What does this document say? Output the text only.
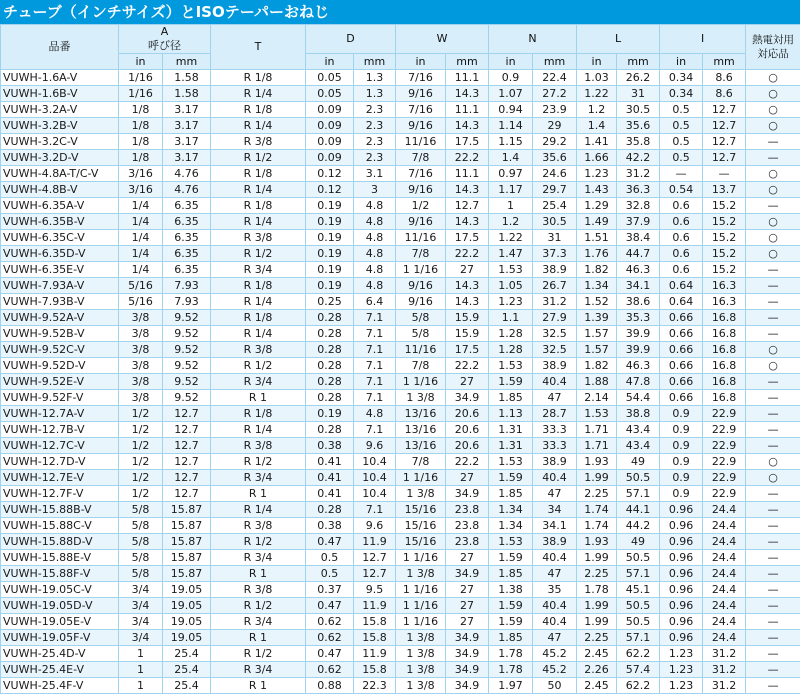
チューブ（インチサイズ）とISOテーパーおねじ
品番	A
呼び径		T	D		W		N		L		I		熱電対用
対応品
	in	mm		in	mm	in	mm	in	mm	in	mm	in	mm	
VUWH-1.6A-V	1/16	1.58	R 1/8	0.05	1.3	7/16	11.1	0.9	22.4	1.03	26.2	0.34	8.6	○
VUWH-1.6B-V	1/16	1.58	R 1/4	0.05	1.3	9/16	14.3	1.07	27.2	1.22	31	0.34	8.6	○
VUWH-3.2A-V	1/8	3.17	R 1/8	0.09	2.3	7/16	11.1	0.94	23.9	1.2	30.5	0.5	12.7	○
VUWH-3.2B-V	1/8	3.17	R 1/4	0.09	2.3	9/16	14.3	1.14	29	1.4	35.6	0.5	12.7	○
VUWH-3.2C-V	1/8	3.17	R 3/8	0.09	2.3	11/16	17.5	1.15	29.2	1.41	35.8	0.5	12.7	—
VUWH-3.2D-V	1/8	3.17	R 1/2	0.09	2.3	7/8	22.2	1.4	35.6	1.66	42.2	0.5	12.7	—
VUWH-4.8A-T/C-V	3/16	4.76	R 1/8	0.12	3.1	7/16	11.1	0.97	24.6	1.23	31.2	—	—	○
VUWH-4.8B-V	3/16	4.76	R 1/4	0.12	3	9/16	14.3	1.17	29.7	1.43	36.3	0.54	13.7	○
VUWH-6.35A-V	1/4	6.35	R 1/8	0.19	4.8	1/2	12.7	1	25.4	1.29	32.8	0.6	15.2	—
VUWH-6.35B-V	1/4	6.35	R 1/4	0.19	4.8	9/16	14.3	1.2	30.5	1.49	37.9	0.6	15.2	○
VUWH-6.35C-V	1/4	6.35	R 3/8	0.19	4.8	11/16	17.5	1.22	31	1.51	38.4	0.6	15.2	○
VUWH-6.35D-V	1/4	6.35	R 1/2	0.19	4.8	7/8	22.2	1.47	37.3	1.76	44.7	0.6	15.2	○
VUWH-6.35E-V	1/4	6.35	R 3/4	0.19	4.8	1 1/16	27	1.53	38.9	1.82	46.3	0.6	15.2	—
VUWH-7.93A-V	5/16	7.93	R 1/8	0.19	4.8	9/16	14.3	1.05	26.7	1.34	34.1	0.64	16.3	—
VUWH-7.93B-V	5/16	7.93	R 1/4	0.25	6.4	9/16	14.3	1.23	31.2	1.52	38.6	0.64	16.3	—
VUWH-9.52A-V	3/8	9.52	R 1/8	0.28	7.1	5/8	15.9	1.1	27.9	1.39	35.3	0.66	16.8	—
VUWH-9.52B-V	3/8	9.52	R 1/4	0.28	7.1	5/8	15.9	1.28	32.5	1.57	39.9	0.66	16.8	—
VUWH-9.52C-V	3/8	9.52	R 3/8	0.28	7.1	11/16	17.5	1.28	32.5	1.57	39.9	0.66	16.8	○
VUWH-9.52D-V	3/8	9.52	R 1/2	0.28	7.1	7/8	22.2	1.53	38.9	1.82	46.3	0.66	16.8	○
VUWH-9.52E-V	3/8	9.52	R 3/4	0.28	7.1	1 1/16	27	1.59	40.4	1.88	47.8	0.66	16.8	—
VUWH-9.52F-V	3/8	9.52	R 1	0.28	7.1	1 3/8	34.9	1.85	47	2.14	54.4	0.66	16.8	—
VUWH-12.7A-V	1/2	12.7	R 1/8	0.19	4.8	13/16	20.6	1.13	28.7	1.53	38.8	0.9	22.9	—
VUWH-12.7B-V	1/2	12.7	R 1/4	0.28	7.1	13/16	20.6	1.31	33.3	1.71	43.4	0.9	22.9	—
VUWH-12.7C-V	1/2	12.7	R 3/8	0.38	9.6	13/16	20.6	1.31	33.3	1.71	43.4	0.9	22.9	—
VUWH-12.7D-V	1/2	12.7	R 1/2	0.41	10.4	7/8	22.2	1.53	38.9	1.93	49	0.9	22.9	○
VUWH-12.7E-V	1/2	12.7	R 3/4	0.41	10.4	1 1/16	27	1.59	40.4	1.99	50.5	0.9	22.9	○
VUWH-12.7F-V	1/2	12.7	R 1	0.41	10.4	1 3/8	34.9	1.85	47	2.25	57.1	0.9	22.9	—
VUWH-15.88B-V	5/8	15.87	R 1/4	0.28	7.1	15/16	23.8	1.34	34	1.74	44.1	0.96	24.4	—
VUWH-15.88C-V	5/8	15.87	R 3/8	0.38	9.6	15/16	23.8	1.34	34.1	1.74	44.2	0.96	24.4	—
VUWH-15.88D-V	5/8	15.87	R 1/2	0.47	11.9	15/16	23.8	1.53	38.9	1.93	49	0.96	24.4	—
VUWH-15.88E-V	5/8	15.87	R 3/4	0.5	12.7	1 1/16	27	1.59	40.4	1.99	50.5	0.96	24.4	—
VUWH-15.88F-V	5/8	15.87	R 1	0.5	12.7	1 3/8	34.9	1.85	47	2.25	57.1	0.96	24.4	—
VUWH-19.05C-V	3/4	19.05	R 3/8	0.37	9.5	1 1/16	27	1.38	35	1.78	45.1	0.96	24.4	—
VUWH-19.05D-V	3/4	19.05	R 1/2	0.47	11.9	1 1/16	27	1.59	40.4	1.99	50.5	0.96	24.4	—
VUWH-19.05E-V	3/4	19.05	R 3/4	0.62	15.8	1 1/16	27	1.59	40.4	1.99	50.5	0.96	24.4	—
VUWH-19.05F-V	3/4	19.05	R 1	0.62	15.8	1 3/8	34.9	1.85	47	2.25	57.1	0.96	24.4	—
VUWH-25.4D-V	1	25.4	R 1/2	0.47	11.9	1 3/8	34.9	1.78	45.2	2.45	62.2	1.23	31.2	—
VUWH-25.4E-V	1	25.4	R 3/4	0.62	15.8	1 3/8	34.9	1.78	45.2	2.26	57.4	1.23	31.2	—
VUWH-25.4F-V	1	25.4	R 1	0.88	22.3	1 3/8	34.9	1.97	50	2.45	62.2	1.23	31.2	—
